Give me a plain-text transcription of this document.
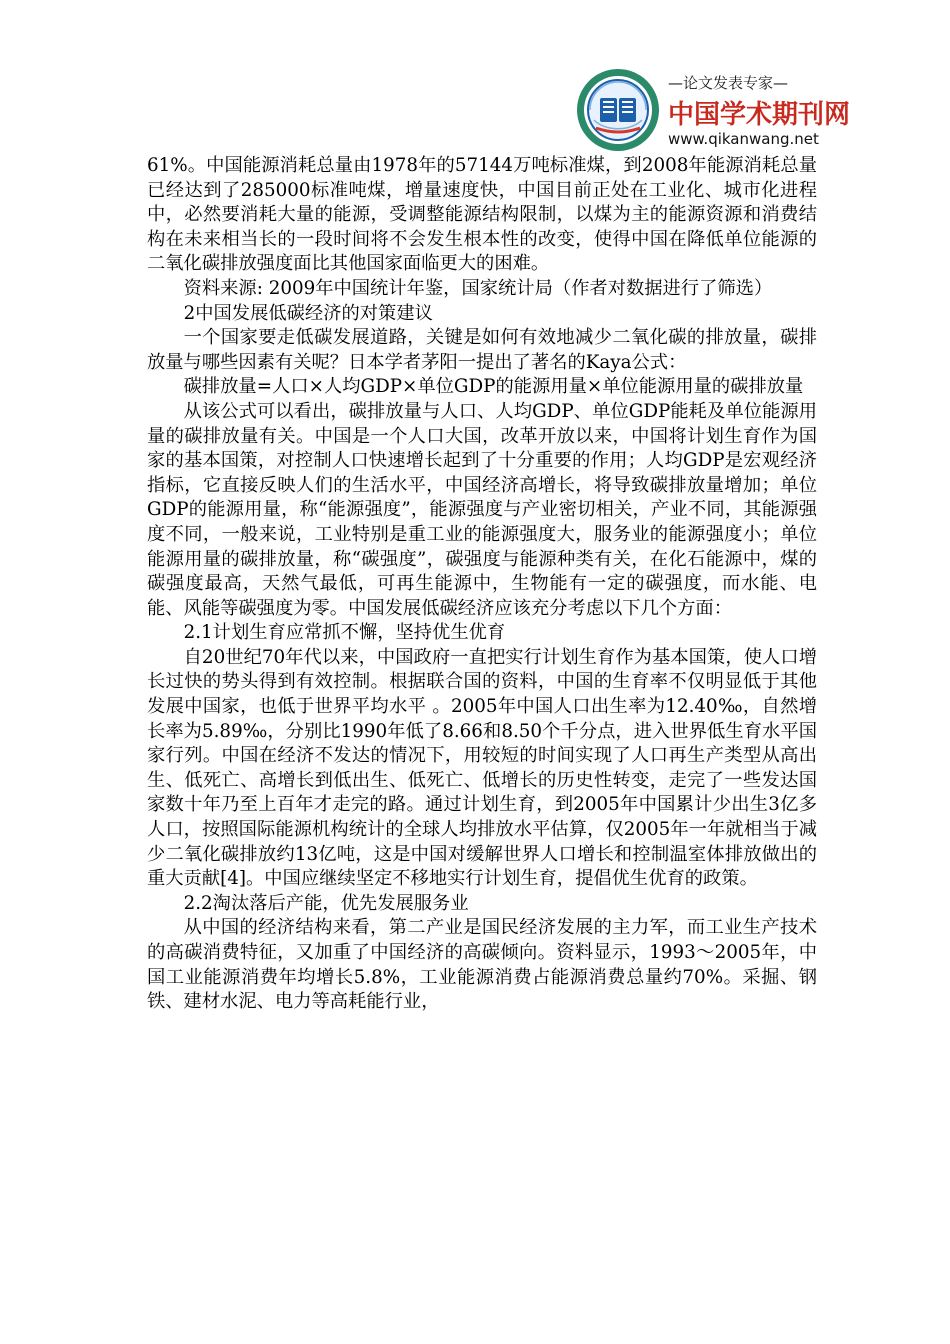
—论文发表专家—
中国学术期刊网
www.qikanwang.net

61%。中国能源消耗总量由1978年的57144万吨标准煤，到2008年能源消耗总量已经达到了285000标准吨煤，增量速度快，中国目前正处在工业化、城市化进程中，必然要消耗大量的能源，受调整能源结构限制，以煤为主的能源资源和消费结构在未来相当长的一段时间将不会发生根本性的改变，使得中国在降低单位能源的二氧化碳排放强度面比其他国家面临更大的困难。

资料来源: 2009年中国统计年鉴，国家统计局（作者对数据进行了筛选）

2中国发展低碳经济的对策建议

一个国家要走低碳发展道路，关键是如何有效地减少二氧化碳的排放量，碳排放量与哪些因素有关呢？日本学者茅阳一提出了著名的Kaya公式：

碳排放量=人口×人均GDP×单位GDP的能源用量×单位能源用量的碳排放量

从该公式可以看出，碳排放量与人口、人均GDP、单位GDP能耗及单位能源用量的碳排放量有关。中国是一个人口大国，改革开放以来，中国将计划生育作为国家的基本国策，对控制人口快速增长起到了十分重要的作用；人均GDP是宏观经济指标，它直接反映人们的生活水平，中国经济高增长，将导致碳排放量增加；单位GDP的能源用量，称“能源强度”，能源强度与产业密切相关，产业不同，其能源强度不同，一般来说，工业特别是重工业的能源强度大，服务业的能源强度小；单位能源用量的碳排放量，称“碳强度”，碳强度与能源种类有关，在化石能源中，煤的碳强度最高，天然气最低，可再生能源中，生物能有一定的碳强度，而水能、电能、风能等碳强度为零。中国发展低碳经济应该充分考虑以下几个方面：

2.1计划生育应常抓不懈，坚持优生优育

自20世纪70年代以来，中国政府一直把实行计划生育作为基本国策，使人口增长过快的势头得到有效控制。根据联合国的资料，中国的生育率不仅明显低于其他发展中国家，也低于世界平均水平 。2005年中国人口出生率为12.40‰，自然增长率为5.89‰，分别比1990年低了8.66和8.50个千分点，进入世界低生育水平国家行列。中国在经济不发达的情况下，用较短的时间实现了人口再生产类型从高出生、低死亡、高增长到低出生、低死亡、低增长的历史性转变，走完了一些发达国家数十年乃至上百年才走完的路。通过计划生育，到2005年中国累计少出生3亿多人口，按照国际能源机构统计的全球人均排放水平估算，仅2005年一年就相当于减少二氧化碳排放约13亿吨，这是中国对缓解世界人口增长和控制温室体排放做出的重大贡献[4]。中国应继续坚定不移地实行计划生育，提倡优生优育的政策。

2.2淘汰落后产能，优先发展服务业

从中国的经济结构来看，第二产业是国民经济发展的主力军，而工业生产技术的高碳消费特征，又加重了中国经济的高碳倾向。资料显示，1993～2005年，中国工业能源消费年均增长5.8%，工业能源消费占能源消费总量约70%。采掘、钢铁、建材水泥、电力等高耗能行业，
